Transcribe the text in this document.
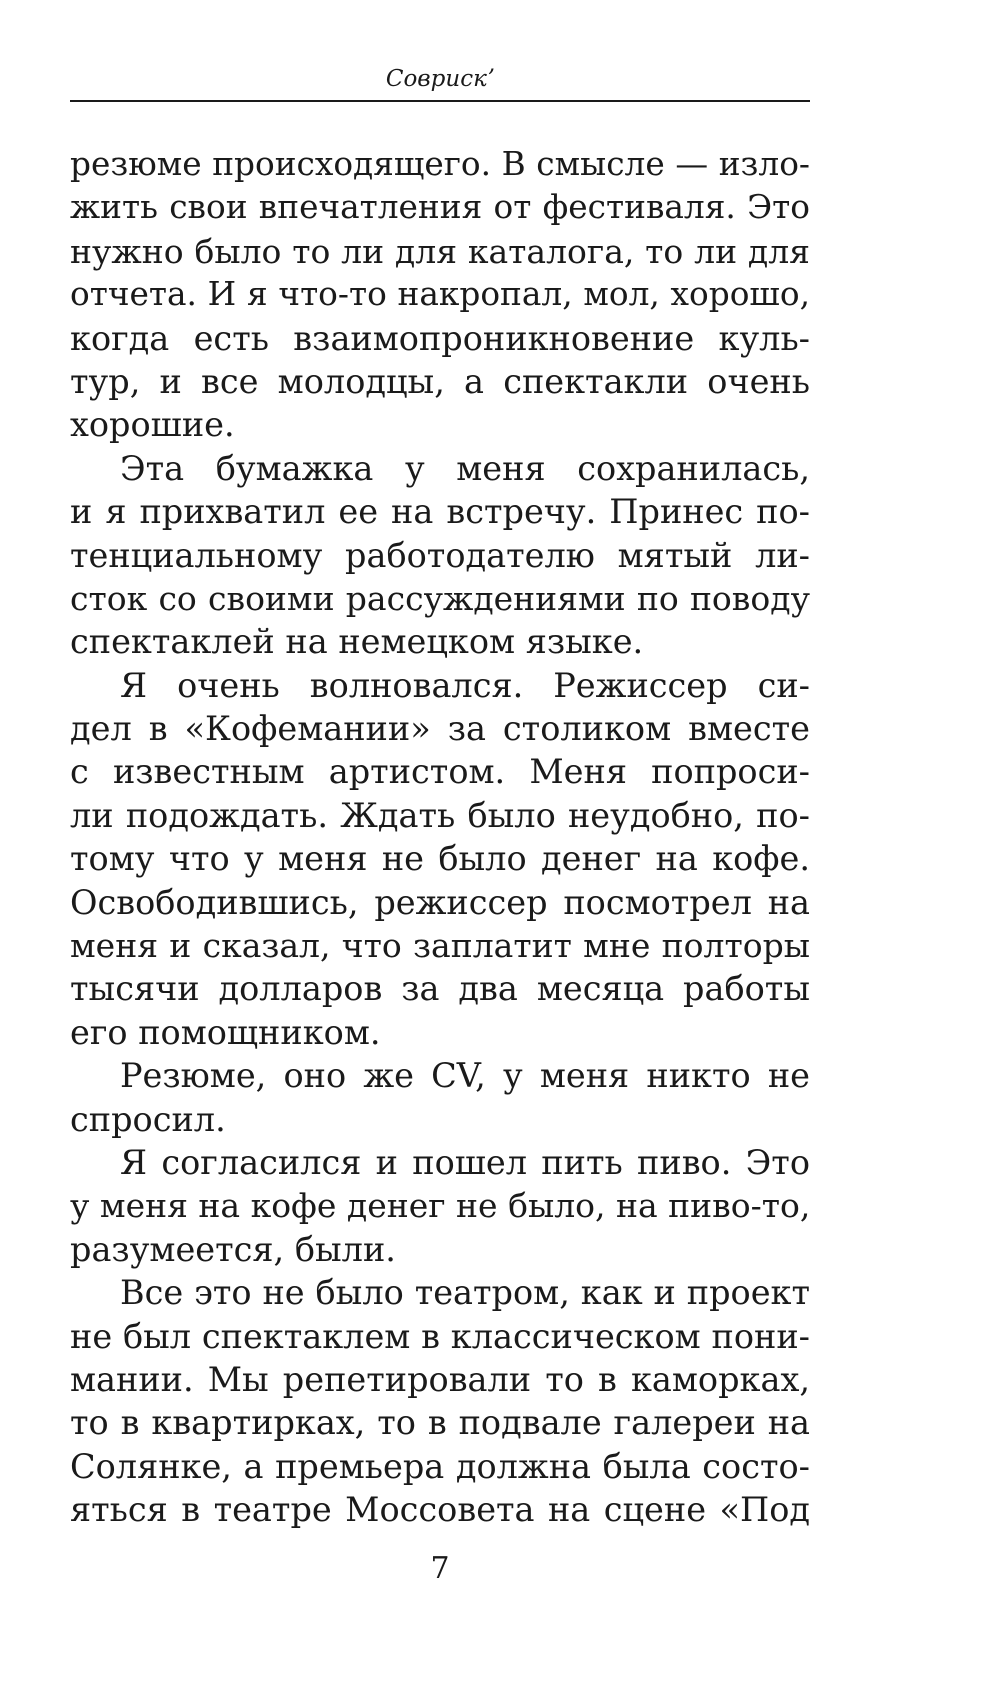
Соврискʼ
резюме происходящего. В смысле — изло-
жить свои впечатления от фестиваля. Это
нужно было то ли для каталога, то ли для
отчета. И я что-то накропал, мол, хорошо,
когда есть взаимопроникновение куль-
тур, и все молодцы, а спектакли очень
хорошие.
Эта бумажка у меня сохранилась,
и я прихватил ее на встречу. Принес по-
тенциальному работодателю мятый ли-
сток со своими рассуждениями по поводу
спектаклей на немецком языке.
Я очень волновался. Режиссер си-
дел в «Кофемании» за столиком вместе
с известным артистом. Меня попроси-
ли подождать. Ждать было неудобно, по-
тому что у меня не было денег на кофе.
Освободившись, режиссер посмотрел на
меня и сказал, что заплатит мне полторы
тысячи долларов за два месяца работы
его помощником.
Резюме, оно же CV, у меня никто не
спросил.
Я согласился и пошел пить пиво. Это
у меня на кофе денег не было, на пиво-то,
разумеется, были.
Все это не было театром, как и проект
не был спектаклем в классическом пони-
мании. Мы репетировали то в каморках,
то в квартирках, то в подвале галереи на
Солянке, а премьера должна была состо-
яться в театре Моссовета на сцене «Под
7
